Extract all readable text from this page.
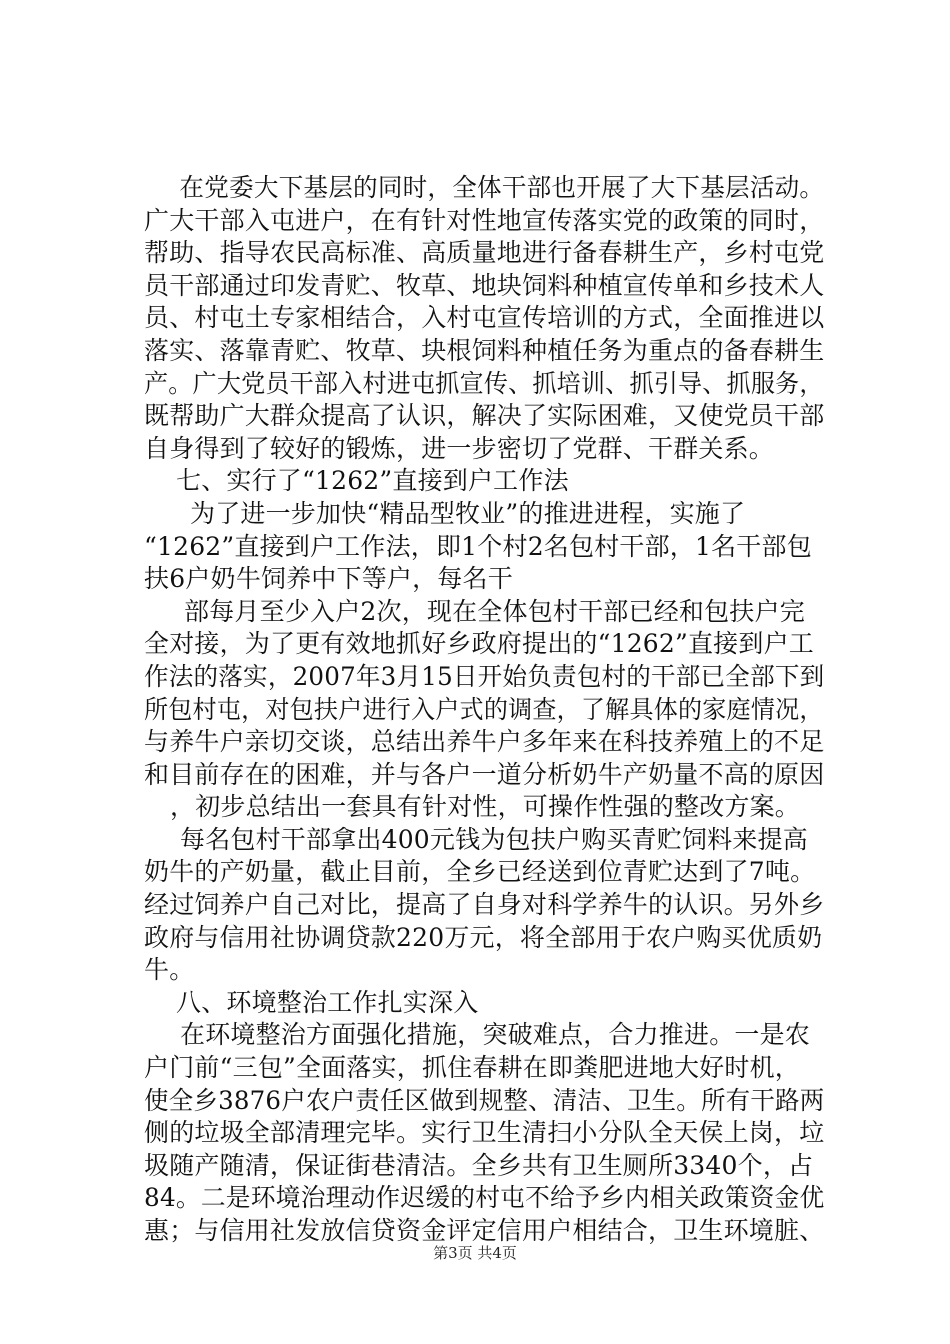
在党委大下基层的同时，全体干部也开展了大下基层活动。
广大干部入屯进户，在有针对性地宣传落实党的政策的同时，
帮助、指导农民高标准、高质量地进行备春耕生产，乡村屯党
员干部通过印发青贮、牧草、地块饲料种植宣传单和乡技术人
员、村屯土专家相结合，入村屯宣传培训的方式，全面推进以
落实、落靠青贮、牧草、块根饲料种植任务为重点的备春耕生
产。广大党员干部入村进屯抓宣传、抓培训、抓引导、抓服务，
既帮助广大群众提高了认识，解决了实际困难，又使党员干部
自身得到了较好的锻炼，进一步密切了党群、干群关系。
七、实行了“1262”直接到户工作法
为了进一步加快“精品型牧业”的推进进程，实施了
“1262”直接到户工作法，即1个村2名包村干部，1名干部包
扶6户奶牛饲养中下等户，每名干
部每月至少入户2次，现在全体包村干部已经和包扶户完
全对接，为了更有效地抓好乡政府提出的“1262”直接到户工
作法的落实，2007年3月15日开始负责包村的干部已全部下到
所包村屯，对包扶户进行入户式的调查，了解具体的家庭情况，
与养牛户亲切交谈，总结出养牛户多年来在科技养殖上的不足
和目前存在的困难，并与各户一道分析奶牛产奶量不高的原因
，初步总结出一套具有针对性，可操作性强的整改方案。
每名包村干部拿出400元钱为包扶户购买青贮饲料来提高
奶牛的产奶量，截止目前，全乡已经送到位青贮达到了7吨。
经过饲养户自己对比，提高了自身对科学养牛的认识。另外乡
政府与信用社协调贷款220万元，将全部用于农户购买优质奶
牛。
八、环境整治工作扎实深入
在环境整治方面强化措施，突破难点，合力推进。一是农
户门前“三包”全面落实，抓住春耕在即粪肥进地大好时机，
使全乡3876户农户责任区做到规整、清洁、卫生。所有干路两
侧的垃圾全部清理完毕。实行卫生清扫小分队全天侯上岗，垃
圾随产随清，保证街巷清洁。全乡共有卫生厕所3340个，占
84。二是环境治理动作迟缓的村屯不给予乡内相关政策资金优
惠；与信用社发放信贷资金评定信用户相结合，卫生环境脏、
第3页 共4页
